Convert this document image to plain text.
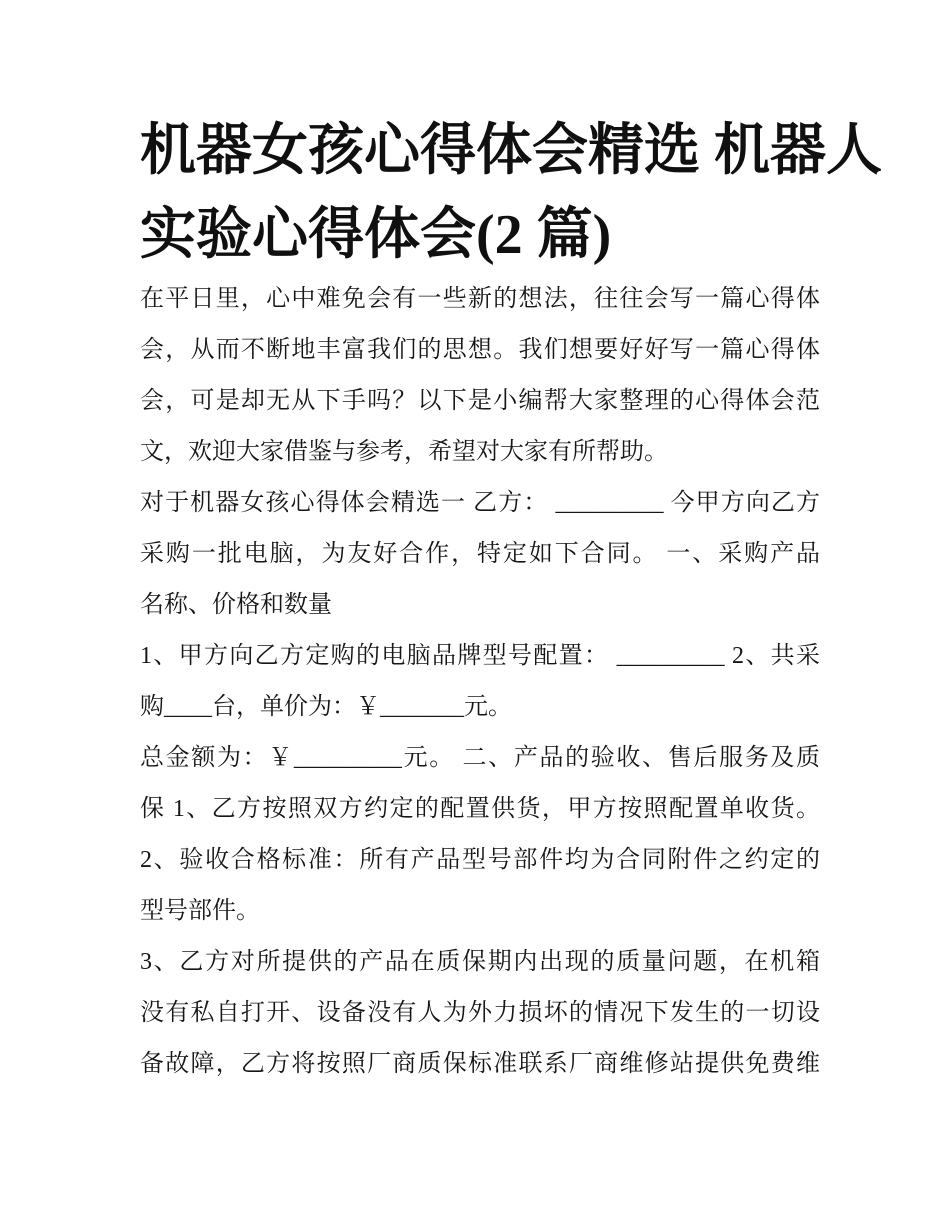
机器女孩心得体会精选 机器人
实验心得体会(2 篇)
在平日里，心中难免会有一些新的想法，往往会写一篇心得体
会，从而不断地丰富我们的思想。我们想要好好写一篇心得体
会，可是却无从下手吗？以下是小编帮大家整理的心得体会范
文，欢迎大家借鉴与参考，希望对大家有所帮助。
对于机器女孩心得体会精选一 乙方： _________ 今甲方向乙方
采购一批电脑，为友好合作，特定如下合同。 一、采购产品
名称、价格和数量
1、甲方向乙方定购的电脑品牌型号配置： _________ 2、共采
购____台，单价为：￥_______元。
总金额为：￥_________元。 二、产品的验收、售后服务及质
保 1、乙方按照双方约定的配置供货，甲方按照配置单收货。
2、验收合格标准：所有产品型号部件均为合同附件之约定的
型号部件。
3、乙方对所提供的产品在质保期内出现的质量问题，在机箱
没有私自打开、设备没有人为外力损坏的情况下发生的一切设
备故障，乙方将按照厂商质保标准联系厂商维修站提供免费维
